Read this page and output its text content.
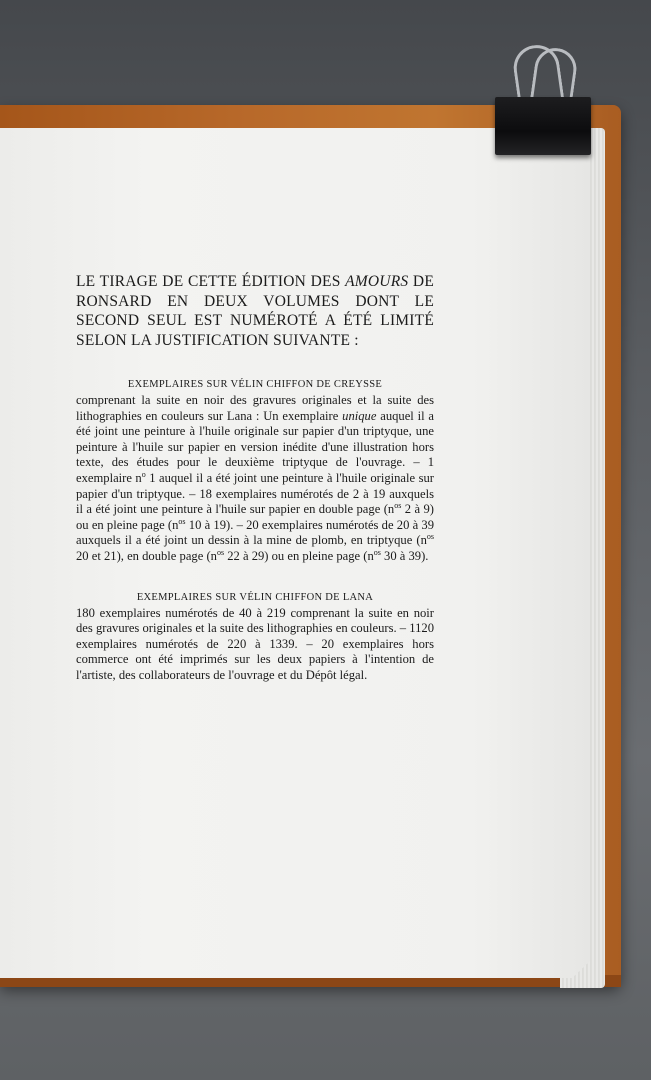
LE TIRAGE DE CETTE ÉDITION DES AMOURS DE RONSARD EN DEUX VOLUMES DONT LE SECOND SEUL EST NUMÉROTÉ A ÉTÉ LIMITÉ SELON LA JUSTIFICATION SUIVANTE :

EXEMPLAIRES SUR VÉLIN CHIFFON DE CREYSSE

comprenant la suite en noir des gravures originales et la suite des lithographies en couleurs sur Lana : Un exemplaire unique auquel il a été joint une peinture à l'huile originale sur papier d'un triptyque, une peinture à l'huile sur papier en version inédite d'une illustration hors texte, des études pour le deuxième triptyque de l'ouvrage. – 1 exemplaire $n^o$ 1 auquel il a été joint une peinture à l'huile originale sur papier d'un triptyque. – 18 exemplaires numérotés de 2 à 19 auxquels il a été joint une peinture à l'huile sur papier en double page ($n^{os}$ 2 à 9) ou en pleine page ($n^{os}$ 10 à 19). – 20 exemplaires numérotés de 20 à 39 auxquels il a été joint un dessin à la mine de plomb, en triptyque ($n^{os}$ 20 et 21), en double page ($n^{os}$ 22 à 29) ou en pleine page ($n^{os}$ 30 à 39).

EXEMPLAIRES SUR VÉLIN CHIFFON DE LANA

180 exemplaires numérotés de 40 à 219 comprenant la suite en noir des gravures originales et la suite des lithographies en couleurs. – 1120 exemplaires numérotés de 220 à 1339. – 20 exemplaires hors commerce ont été imprimés sur les deux papiers à l'intention de l'artiste, des collaborateurs de l'ouvrage et du Dépôt légal.
